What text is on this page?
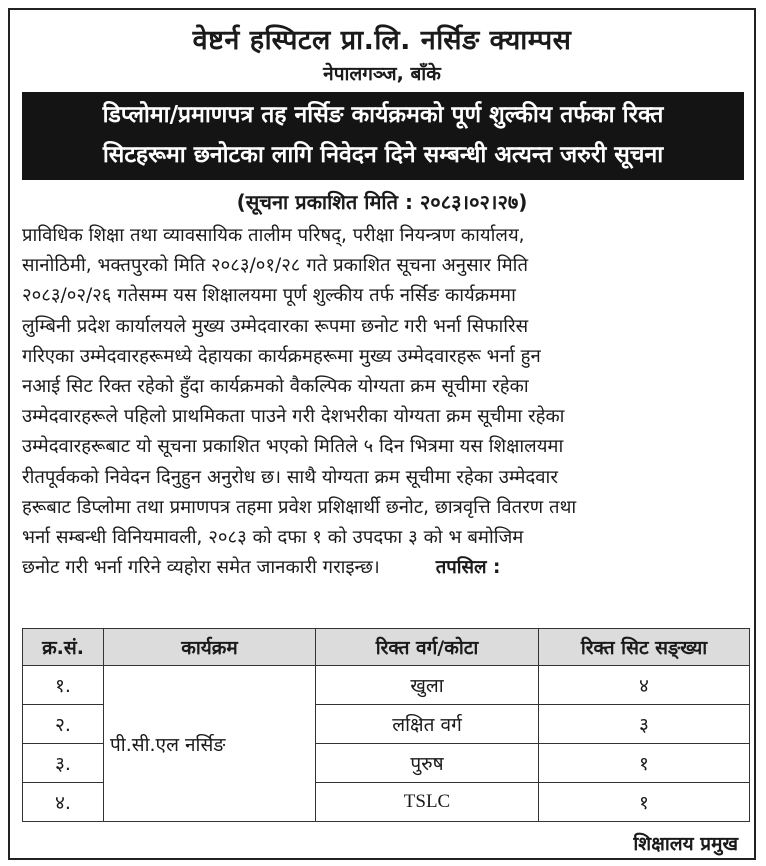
वेष्टर्न हस्पिटल प्रा.लि. नर्सिङ क्याम्पस
नेपालगञ्ज, बाँके
डिप्लोमा/प्रमाणपत्र तह नर्सिङ कार्यक्रमको पूर्ण शुल्कीय तर्फका रिक्त
सिटहरूमा छनोटका लागि निवेदन दिने सम्बन्धी अत्यन्त जरुरी सूचना
(सूचना प्रकाशित मिति : २०८३।०२।२७)
प्राविधिक शिक्षा तथा व्यावसायिक तालीम परिषद्, परीक्षा नियन्त्रण कार्यालय,
सानोठिमी, भक्तपुरको मिति २०८३/०१/२८ गते प्रकाशित सूचना अनुसार मिति
२०८३/०२/२६ गतेसम्म यस शिक्षालयमा पूर्ण शुल्कीय तर्फ नर्सिङ कार्यक्रममा
लुम्बिनी प्रदेश कार्यालयले मुख्य उम्मेदवारका रूपमा छनोट गरी भर्ना सिफारिस
गरिएका उम्मेदवारहरूमध्ये देहायका कार्यक्रमहरूमा मुख्य उम्मेदवारहरू भर्ना हुन
नआई सिट रिक्त रहेको हुँदा कार्यक्रमको वैकल्पिक योग्यता क्रम सूचीमा रहेका
उम्मेदवारहरूले पहिलो प्राथमिकता पाउने गरी देशभरीका योग्यता क्रम सूचीमा रहेका
उम्मेदवारहरूबाट यो सूचना प्रकाशित भएको मितिले ५ दिन भित्रमा यस शिक्षालयमा
रीतपूर्वकको निवेदन दिनुहुन अनुरोध छ। साथै योग्यता क्रम सूचीमा रहेका उम्मेदवार
हरूबाट डिप्लोमा तथा प्रमाणपत्र तहमा प्रवेश प्रशिक्षार्थी छनोट, छात्रवृत्ति वितरण तथा
भर्ना सम्बन्धी विनियमावली, २०८३ को दफा १ को उपदफा ३ को भ बमोजिम
छनोट गरी भर्ना गरिने व्यहोरा समेत जानकारी गराइन्छ।	तपसिल :
क्र.सं.	कार्यक्रम	रिक्त वर्ग/कोटा	रिक्त सिट सङ्ख्या
१.	पी.सी.एल नर्सिङ	खुला	४
२.		लक्षित वर्ग	३
३.		पुरुष	१
४.		TSLC	१
शिक्षालय प्रमुख
